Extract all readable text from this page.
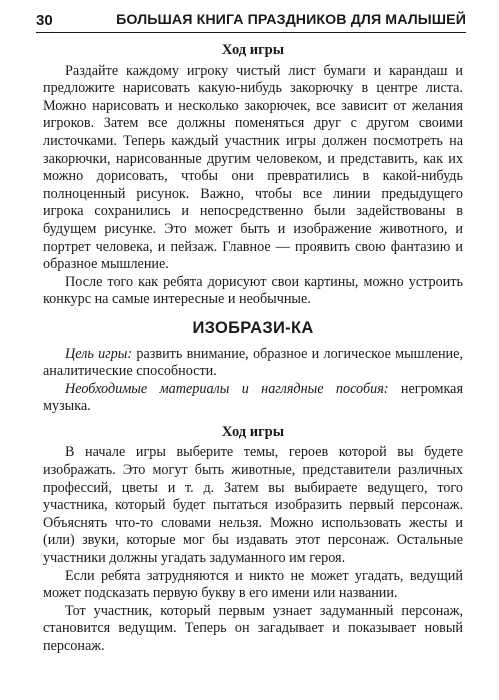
30	БОЛЬШАЯ КНИГА ПРАЗДНИКОВ ДЛЯ МАЛЫШЕЙ
Ход игры

Раздайте каждому игроку чистый лист бумаги и карандаш и предложите нарисовать какую-нибудь закорючку в центре листа. Можно нарисовать и несколько закорючек, все зависит от желания игроков. Затем все должны поменяться друг с другом своими листочками. Теперь каждый участник игры должен посмотреть на закорючки, нарисованные другим человеком, и представить, как их можно дорисовать, чтобы они превратились в какой-нибудь полноценный рисунок. Важно, чтобы все линии предыдущего игрока сохранились и непосредственно были задействованы в будущем рисунке. Это может быть и изображение животного, и портрет человека, и пейзаж. Главное — проявить свою фантазию и образное мышление.

После того как ребята дорисуют свои картины, можно устроить конкурс на самые интересные и необычные.

ИЗОБРАЗИ-КА

Цель игры: развить внимание, образное и логическое мышление, аналитические способности.

Необходимые материалы и наглядные пособия: негромкая музыка.

Ход игры

В начале игры выберите темы, героев которой вы будете изображать. Это могут быть животные, представители различных профессий, цветы и т. д. Затем вы выбираете ведущего, того участника, который будет пытаться изобразить первый персонаж. Объяснять что-то словами нельзя. Можно использовать жесты и (или) звуки, которые мог бы издавать этот персонаж. Остальные участники должны угадать задуманного им героя.

Если ребята затрудняются и никто не может угадать, ведущий может подсказать первую букву в его имени или названии.

Тот участник, который первым узнает задуманный персонаж, становится ведущим. Теперь он загадывает и показывает новый персонаж.
